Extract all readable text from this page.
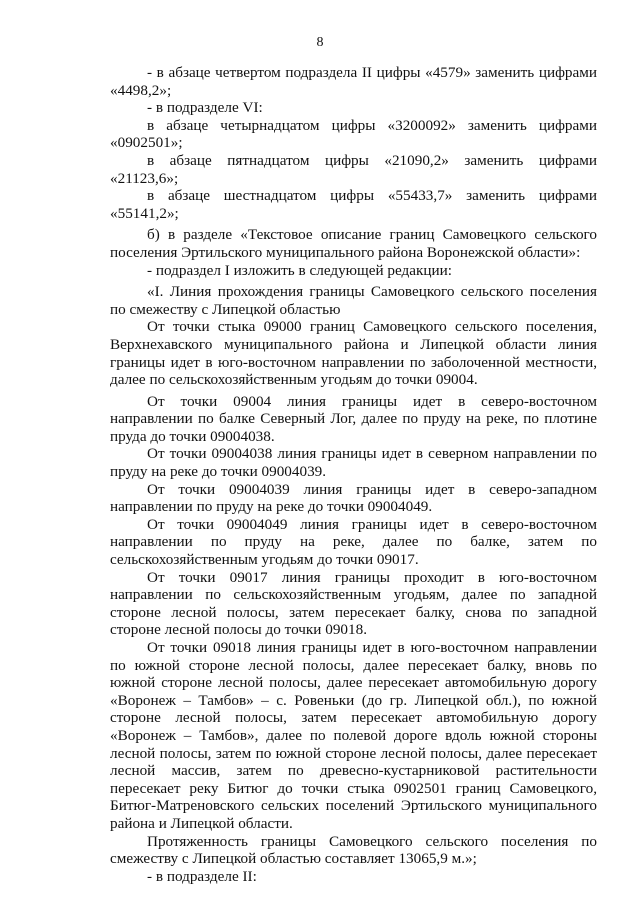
8

- в абзаце четвертом подраздела II цифры «4579» заменить цифрами «4498,2»;

- в подразделе VI:

в абзаце четырнадцатом цифры «3200092» заменить цифрами «0902501»;

в абзаце пятнадцатом цифры «21090,2» заменить цифрами «21123,6»;

в абзаце шестнадцатом цифры «55433,7» заменить цифрами «55141,2»;

б) в разделе «Текстовое описание границ Самовецкого сельского поселения Эртильского муниципального района Воронежской области»:

- подраздел I изложить в следующей редакции:

«I. Линия прохождения границы Самовецкого сельского поселения по смежеству с Липецкой областью

От точки стыка 09000 границ Самовецкого сельского поселения, Верхнехавского муниципального района и Липецкой области линия границы идет в юго-восточном направлении по заболоченной местности, далее по сельскохозяйственным угодьям до точки 09004.

От точки 09004 линия границы идет в северо-восточном направлении по балке Северный Лог, далее по пруду на реке, по плотине пруда до точки 09004038.

От точки 09004038 линия границы идет в северном направлении по пруду на реке до точки 09004039.

От точки 09004039 линия границы идет в северо-западном направлении по пруду на реке до точки 09004049.

От точки 09004049 линия границы идет в северо-восточном направлении по пруду на реке, далее по балке, затем по сельскохозяйственным угодьям до точки 09017.

От точки 09017 линия границы проходит в юго-восточном направлении по сельскохозяйственным угодьям, далее по западной стороне лесной полосы, затем пересекает балку, снова по западной стороне лесной полосы до точки 09018.

От точки 09018 линия границы идет в юго-восточном направлении по южной стороне лесной полосы, далее пересекает балку, вновь по южной стороне лесной полосы, далее пересекает автомобильную дорогу «Воронеж – Тамбов» – с. Ровеньки (до гр. Липецкой обл.), по южной стороне лесной полосы, затем пересекает автомобильную дорогу «Воронеж – Тамбов», далее по полевой дороге вдоль южной стороны лесной полосы, затем по южной стороне лесной полосы, далее пересекает лесной массив, затем по древесно-кустарниковой растительности пересекает реку Битюг до точки стыка 0902501 границ Самовецкого, Битюг-Матреновского сельских поселений Эртильского муниципального района и Липецкой области.

Протяженность границы Самовецкого сельского поселения по смежеству с Липецкой областью составляет 13065,9 м.»;

- в подразделе II:
